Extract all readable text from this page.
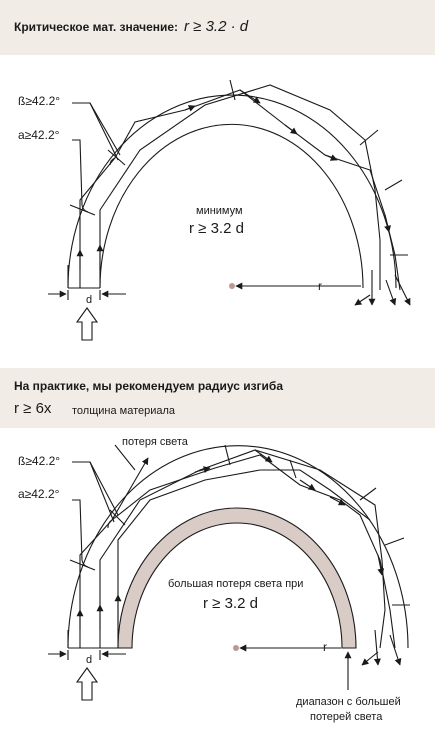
Критическое мат. значение: r ≥ 3.2 · d
На практике, мы рекомендуем радиус изгиба
r ≥ 6x толщина материала
ß≥42.2°
a≥42.2°
минимум
r ≥ 3.2 d
r
d
потеря света
ß≥42.2°
a≥42.2°
большая потеря света при
r ≥ 3.2 d
r
d
диапазон с большей
потерей света
